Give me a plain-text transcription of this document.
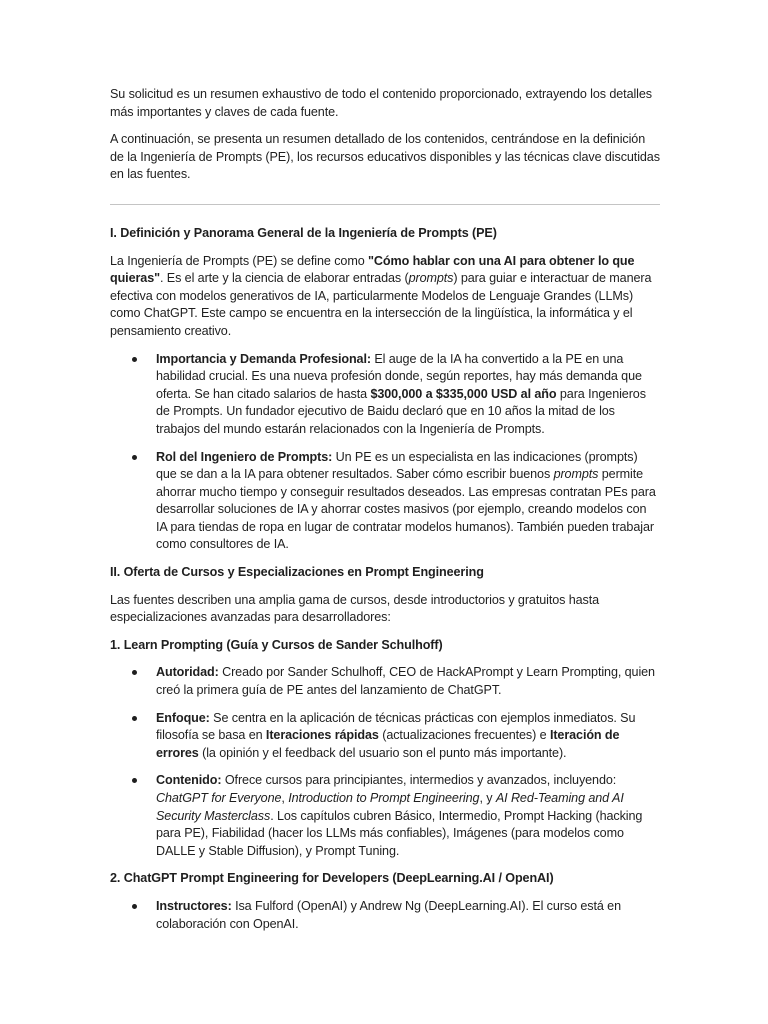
Su solicitud es un resumen exhaustivo de todo el contenido proporcionado, extrayendo los detalles más importantes y claves de cada fuente.

A continuación, se presenta un resumen detallado de los contenidos, centrándose en la definición de la Ingeniería de Prompts (PE), los recursos educativos disponibles y las técnicas clave discutidas en las fuentes.

I. Definición y Panorama General de la Ingeniería de Prompts (PE)

La Ingeniería de Prompts (PE) se define como "Cómo hablar con una AI para obtener lo que quieras". Es el arte y la ciencia de elaborar entradas (prompts) para guiar e interactuar de manera efectiva con modelos generativos de IA, particularmente Modelos de Lenguaje Grandes (LLMs) como ChatGPT. Este campo se encuentra en la intersección de la lingüística, la informática y el pensamiento creativo.

Importancia y Demanda Profesional: El auge de la IA ha convertido a la PE en una habilidad crucial. Es una nueva profesión donde, según reportes, hay más demanda que oferta. Se han citado salarios de hasta $300,000 a $335,000 USD al año para Ingenieros de Prompts. Un fundador ejecutivo de Baidu declaró que en 10 años la mitad de los trabajos del mundo estarán relacionados con la Ingeniería de Prompts.
Rol del Ingeniero de Prompts: Un PE es un especialista en las indicaciones (prompts) que se dan a la IA para obtener resultados. Saber cómo escribir buenos prompts permite ahorrar mucho tiempo y conseguir resultados deseados. Las empresas contratan PEs para desarrollar soluciones de IA y ahorrar costes masivos (por ejemplo, creando modelos con IA para tiendas de ropa en lugar de contratar modelos humanos). También pueden trabajar como consultores de IA.
II. Oferta de Cursos y Especializaciones en Prompt Engineering

Las fuentes describen una amplia gama de cursos, desde introductorios y gratuitos hasta especializaciones avanzadas para desarrolladores:

1. Learn Prompting (Guía y Cursos de Sander Schulhoff)
Autoridad: Creado por Sander Schulhoff, CEO de HackAPrompt y Learn Prompting, quien creó la primera guía de PE antes del lanzamiento de ChatGPT.
Enfoque: Se centra en la aplicación de técnicas prácticas con ejemplos inmediatos. Su filosofía se basa en Iteraciones rápidas (actualizaciones frecuentes) e Iteración de errores (la opinión y el feedback del usuario son el punto más importante).
Contenido: Ofrece cursos para principiantes, intermedios y avanzados, incluyendo: ChatGPT for Everyone, Introduction to Prompt Engineering, y AI Red-Teaming and AI Security Masterclass. Los capítulos cubren Básico, Intermedio, Prompt Hacking (hacking para PE), Fiabilidad (hacer los LLMs más confiables), Imágenes (para modelos como DALLE y Stable Diffusion), y Prompt Tuning.
2. ChatGPT Prompt Engineering for Developers (DeepLearning.AI / OpenAI)
Instructores: Isa Fulford (OpenAI) y Andrew Ng (DeepLearning.AI). El curso está en colaboración con OpenAI.
